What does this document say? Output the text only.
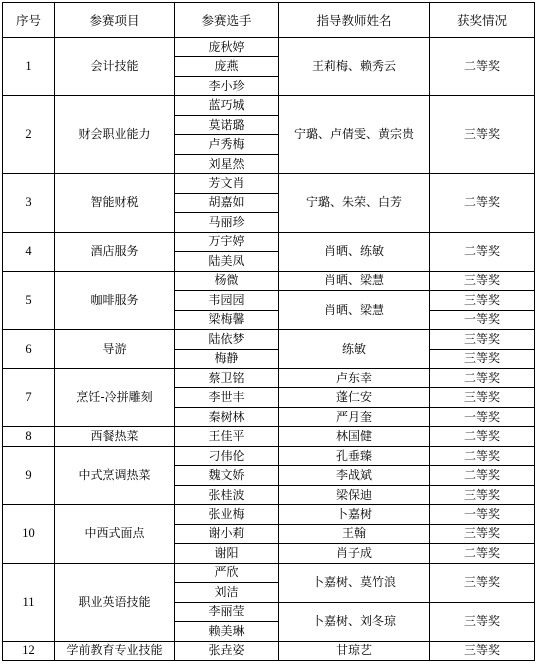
序号	参赛项目	参赛选手	指导教师姓名	获奖情况
1	会计技能	庞秋婷	王莉梅、赖秀云	二等奖
		庞燕		
		李小珍		
2	财会职业能力	蓝巧城	宁璐、卢倩雯、黄宗贵	三等奖
		莫诺璐		
		卢秀梅		
		刘星然		
3	智能财税	芳文肖	宁璐、朱荣、白芳	二等奖
		胡嘉如		
		马丽珍		
4	酒店服务	万宇婷	肖晒、练敏	二等奖
		陆美凤		
5	咖啡服务	杨微	肖晒、梁慧	三等奖
		韦园园	肖晒、梁慧	三等奖
		梁梅馨		一等奖
6	导游	陆依梦	练敏	三等奖
		梅静		三等奖
7	烹饪-冷拼雕刻	蔡卫铭	卢东幸	二等奖
		李世丰	蓬仁安	三等奖
		秦树林	严月奎	一等奖
8	西餐热菜	王佳平	林国健	二等奖
9	中式烹调热菜	刁伟伦	孔垂臻	二等奖
		魏文娇	李战斌	二等奖
		张桂波	梁保迪	三等奖
10	中西式面点	张业梅	卜嘉树	一等奖
		谢小莉	王翰	三等奖
		谢阳	肖子成	二等奖
11	职业英语技能	严欣	卜嘉树、莫竹浪	三等奖
		刘洁		
		李丽莹	卜嘉树、刘冬琼	三等奖
		赖美琳		
12	学前教育专业技能	张垚姿	甘琼艺	三等奖
